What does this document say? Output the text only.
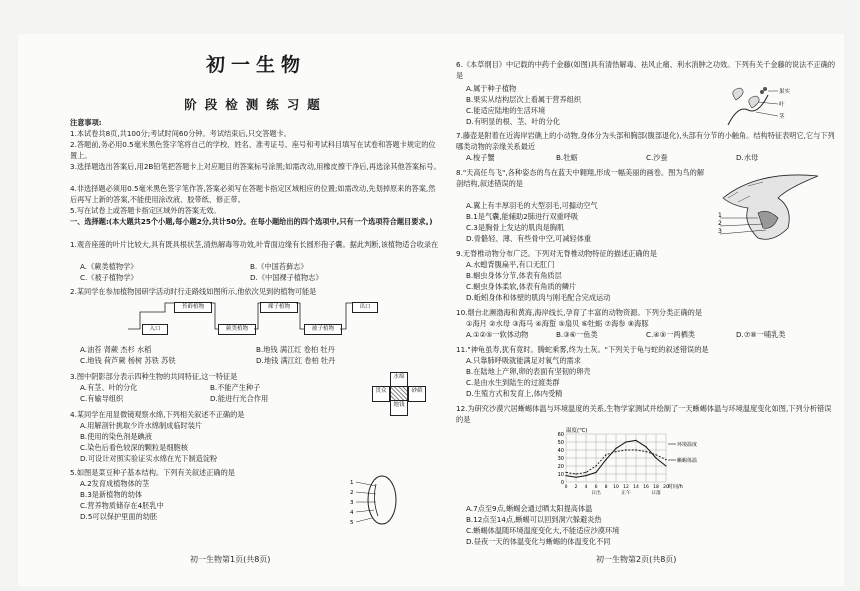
初一生物
阶段检测练习题
注意事项:
1.本试卷共8页,共100分;考试时间60分钟。考试结束后,只交答题卡。
2.答题前,务必用0.5毫米黑色签字笔将自己的学校、姓名、准考证号、座号和考试科目填写在试卷和答题卡规定的位置上。
3.选择题选出答案后,用2B铅笔把答题卡上对应题目的答案标号涂黑;如需改动,用橡皮擦干净后,再选涂其他答案标号。
4.非选择题必须用0.5毫米黑色签字笔作答,答案必须写在答题卡指定区域相应的位置;如需改动,先划掉原来的答案,然后再写上新的答案,不能使用涂改液、胶带纸、修正带。
5.写在试卷上或答题卡指定区域外的答案无效。
一、选择题:(本大题共25个小题,每小题2分,共计50分。在每小题给出的四个选项中,只有一个选项符合题目要求。)
1.观音座莲的叶片比较大,具有既具根状茎,清热解毒等功效,叶背面边缘有长圆形孢子囊。据此判断,该植物适合收录在
A.《蕨类植物学》	B.《中国苔藓志》
C.《被子植物学》	D.《中国裸子植物志》
2.某同学在参加植物园研学活动时行走路线如图所示,他依次见到的植物可能是
入口
苔藓植物
蕨类植物
裸子植物
被子植物
出口
A.油苔 肾蕨 杰杉 水稻	B.地钱 满江红 卷柏 牡丹
C.地钱 荷芦蕨 杨树 苏铁 苏铁	D.地钱 满江红 卷柏 牡丹
3.图中阴影部分表示四种生物的共同特征,这一特征是
A.有茎、叶的分化	B.不能产生种子
C.有输导组织	D.能进行光合作用
水绵
贯众	砂藓
地钱
4.某同学在用显微镜观察水绵,下列相关叙述不正确的是
A.用解剖针挑取少许水绵制成临时装片
B.使用的染色剂是碘液
C.染色后看色较深的颗粒是细胞核
D.可设计对照实验证实水绵在光下制造淀粉
5.如图是菜豆种子基本结构。下列有关叙述正确的是
A.2发育成植物体的茎
B.3是新植物的幼体
C.营养物质储存在4胚乳中
D.5可以保护里面的幼胚
1
2
3
4
5
初一生物第1页(共8页)
6.《本草纲目》中记载的中药千金藤(如图)具有清热解毒、祛风止痛、利水消肿之功效。下列有关千金藤的说法不正确的是
A.属于种子植物
B.果实从结构层次上看属于营养组织
C.能适应陆地的生活环境
D.有明显的根、茎、叶的分化
果实
叶
茎
7.藤壶是附着在近海岸岩礁上的小动物,身体分为头部和胸部(腹部退化),头部有分节的小触角。结构特征表明它,它与下列哪类动物的亲缘关系最近
A.梭子蟹	B.牡蛎	C.沙蚕	D.水母
8."天高任鸟飞",各种姿态的鸟在蓝天中翱翔,形成一幅美丽的画卷。图为鸟的解剖结构,叙述错误的是
A.翼上有丰厚羽毛的大型羽毛,可搧动空气
B.1是气囊,能辅助2肺进行双重呼吸
C.3是胸骨上发达的肌肉是胸肌
D.骨骼轻、薄、有些骨中空,可减轻体重
1
2
3
9.无脊椎动物分布广泛。下列对无脊椎动物特征的描述正确的是
A.水螅背腹扁平,有口无肛门
B.蛔虫身体分节,体表有角质层
C.蛔虫身体柔软,体表有角质的鳞片
D.蚯蚓身体和体壁的肌肉与刚毛配合完成运动
10.烟台北濒渤海和黄海,海岸线长,孕育了丰富的动物资源。下列分类正确的是
①海月 ②水母 ③海马 ④海蜇 ⑤扇贝 ⑥牡蛎 ⑦海参 ⑧海豚
A.①②⑤一软体动物	B.③⑥一鱼类	C.④⑤一两栖类	D.⑦⑧一哺乳类
11."神龟虽寿,犹有竟时。腾蛇乘雾,终为土灰。"下列关于龟与蛇的叙述错误的是
A.只靠肺呼吸就能满足对氧气的需求
B.在陆地上产卵,卵的表面有坚韧的卵壳
C.是由水生到陆生的过渡类群
D.生殖方式和发育上,体内受精
12.为研究沙漠穴居蜥蜴体温与环境温度的关系,生物学家测试并绘制了一天蜥蜴体温与环境温度变化如图,下列分析错误的是
0
10
20
30
40
50
60
0 2 4 6 8 10 12 14 16 18 20
温度(℃)
时间/h
日出	正午	日落
环境温度
蜥蜴体温
A.7点至9点,蜥蜴会通过晒太阳提高体温
B.12点至14点,蜥蜴可以回到洞穴躲避炎热
C.蜥蜴体温随环境温度变化大,不能适应沙漠环境
D.昼夜一天的体温变化与蜥蜴的体温变化不同
初一生物第2页(共8页)
